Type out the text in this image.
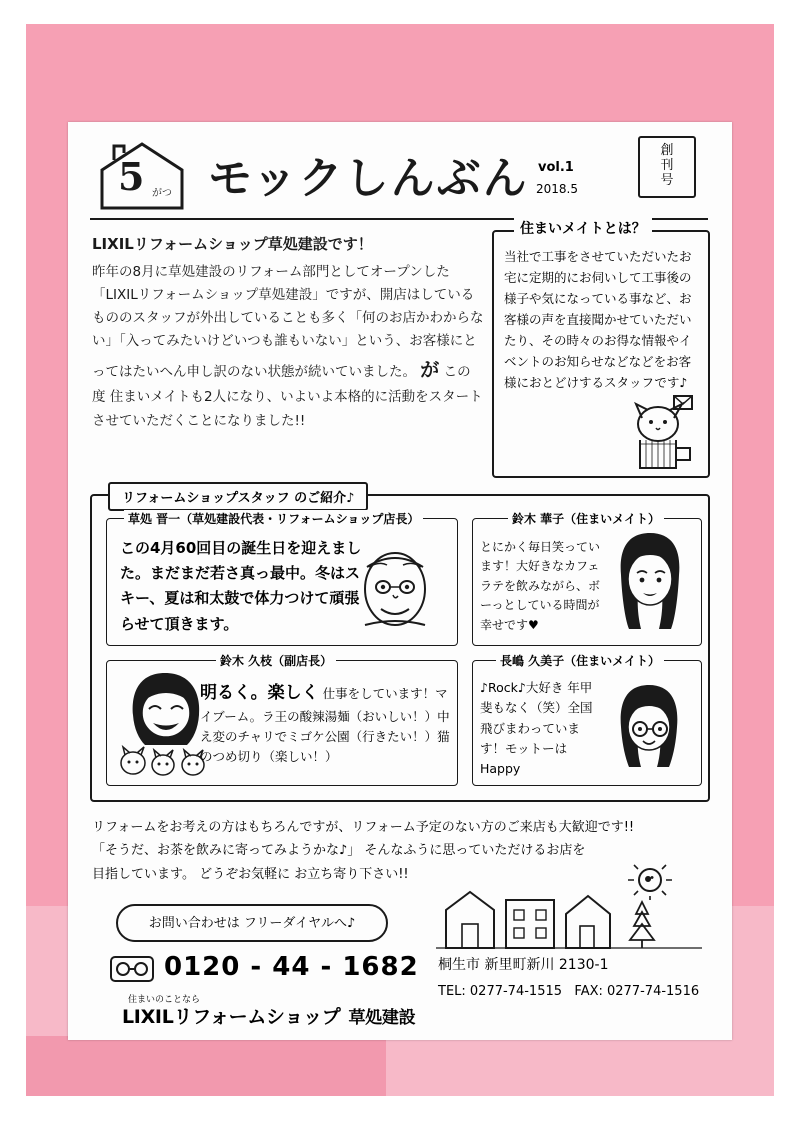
5 がつ モックしんぶん vol.1
2018.5
創
刊
号
LIXILリフォームショップ草処建設です！
昨年の8月に草処建設のリフォーム部門としてオープンした「LIXILリフォームショップ草処建設」ですが、開店はしているもののスタッフが外出していることも多く「何のお店かわからない」「入ってみたいけどいつも誰もいない」という、お客様にとってはたいへん申し訳のない状態が続いていました。 が この度 住まいメイトも2人になり、いよいよ本格的に活動をスタートさせていただくことになりました!!
住まいメイトとは？
当社で工事をさせていただいたお宅に定期的にお伺いして工事後の様子や気になっている事など、お客様の声を直接聞かせていただいたり、その時々のお得な情報やイベントのお知らせなどなどをお客様におとどけするスタッフです♪
リフォームショップスタッフ のご紹介♪
草処 晋一（草処建設代表・リフォームショップ店長）
この4月60回目の誕生日を迎えました。まだまだ若さ真っ最中。冬はスキー、夏は和太鼓で体力つけて頑張らせて頂きます。
鈴木 華子（住まいメイト）
とにかく毎日笑っています！大好きなカフェラテを飲みながら、ボーっとしている時間が幸せです♥
鈴木 久枝（副店長）
明るく。楽しく 仕事をしています！マイブーム。ラ王の酸辣湯麺（おいしい！）中え変のチャリでミゴケ公園（行きたい！）猫のつめ切り（楽しい！）
長嶋 久美子（住まいメイト）
♪Rock♪大好き 年甲斐もなく（笑）全国飛びまわっています！モットーは Happy
リフォームをお考えの方はもちろんですが、リフォーム予定のない方のご来店も大歓迎です!!
「そうだ、お茶を飲みに寄ってみようかな♪」 そんなふうに思っていただけるお店を
目指しています。 どうぞお気軽に お立ち寄り下さい!!
お問い合わせは フリーダイヤルへ♪
0120 - 44 - 1682
住まいのことなら
LIXILリフォームショップ 草処建設
桐生市 新里町新川 2130-1
TEL: 0277-74-1515 FAX: 0277-74-1516
